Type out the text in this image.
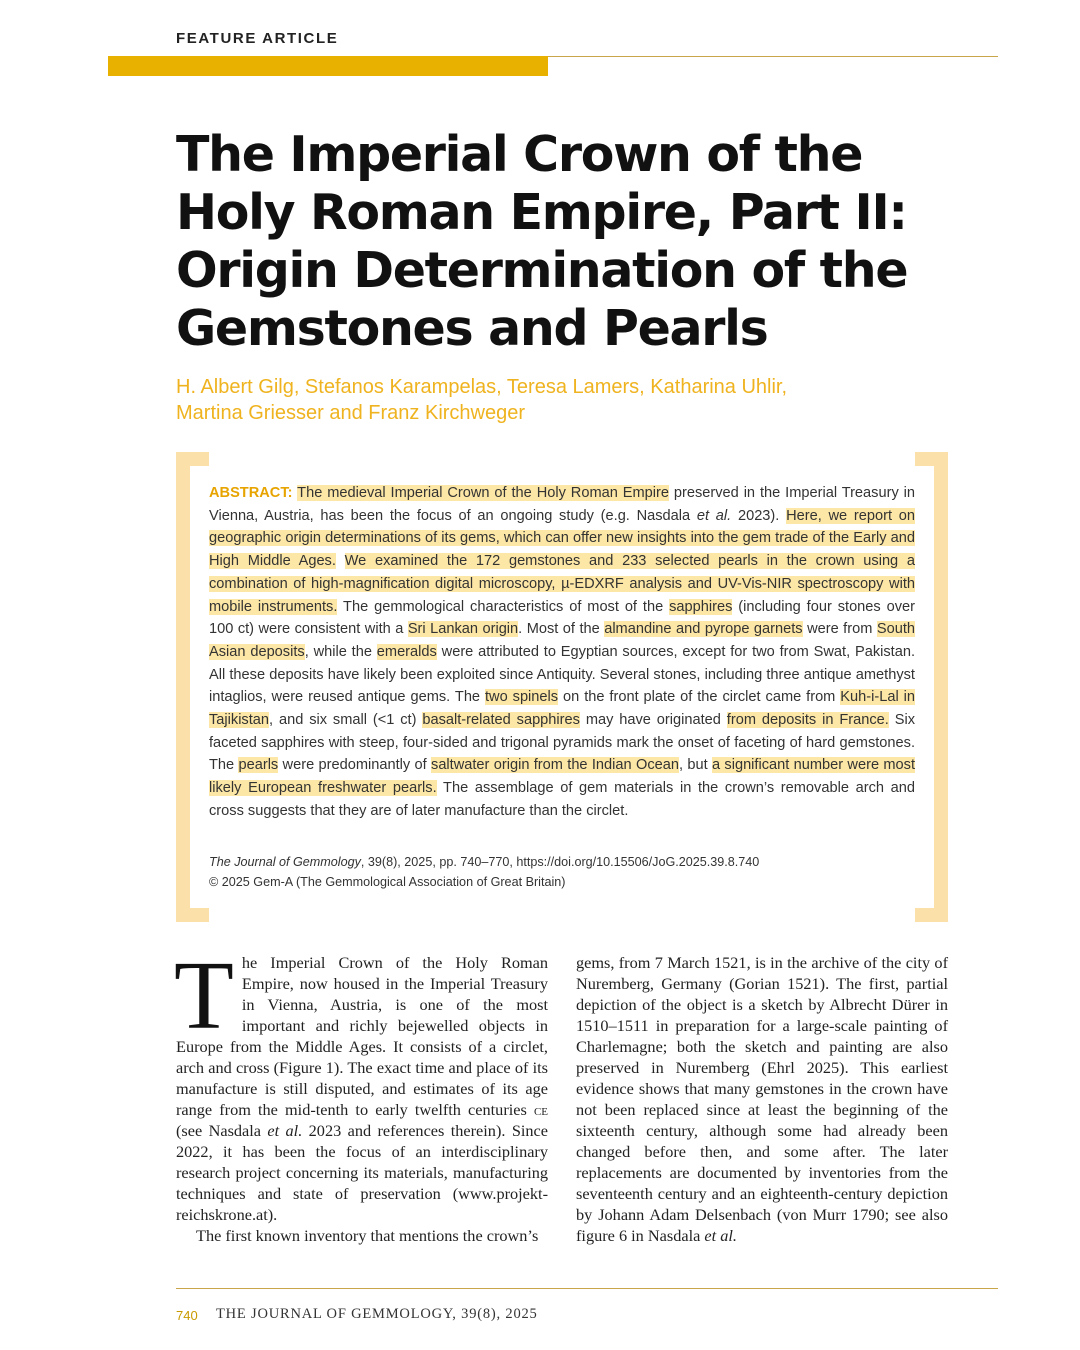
FEATURE ARTICLE
The Imperial Crown of the Holy Roman Empire, Part II: Origin Determination of the Gemstones and Pearls
H. Albert Gilg, Stefanos Karampelas, Teresa Lamers, Katharina Uhlir,
Martina Griesser and Franz Kirchweger

ABSTRACT: The medieval Imperial Crown of the Holy Roman Empire preserved in the Imperial Treasury in Vienna, Austria, has been the focus of an ongoing study (e.g. Nasdala et al. 2023). Here, we report on geographic origin determinations of its gems, which can offer new insights into the gem trade of the Early and High Middle Ages. We examined the 172 gemstones and 233 selected pearls in the crown using a combination of high-magnification digital microscopy, µ-EDXRF analysis and UV-Vis-NIR spectroscopy with mobile instruments. The gemmological characteristics of most of the sapphires (including four stones over 100 ct) were consistent with a Sri Lankan origin. Most of the almandine and pyrope garnets were from South Asian deposits, while the emeralds were attributed to Egyptian sources, except for two from Swat, Pakistan. All these deposits have likely been exploited since Antiquity. Several stones, including three antique amethyst intaglios, were reused antique gems. The two spinels on the front plate of the circlet came from Kuh-i-Lal in Tajikistan, and six small (<1 ct) basalt-related sapphires may have originated from deposits in France. Six faceted sapphires with steep, four-sided and trigonal pyramids mark the onset of faceting of hard gemstones. The pearls were predominantly of saltwater origin from the Indian Ocean, but a significant number were most likely European freshwater pearls. The assemblage of gem materials in the crown’s removable arch and cross suggests that they are of later manufacture than the circlet.

The Journal of Gemmology, 39(8), 2025, pp. 740–770, https://doi.org/10.15506/JoG.2025.39.8.740
© 2025 Gem-A (The Gemmological Association of Great Britain)

The Imperial Crown of the Holy Roman Empire, now housed in the Imperial Treasury in Vienna, Austria, is one of the most important and richly bejewelled objects in Europe from the Middle Ages. It consists of a circlet, arch and cross (Figure 1). The exact time and place of its manufacture is still disputed, and estimates of its age range from the mid-tenth to early twelfth centuries ce (see Nasdala et al. 2023 and references therein). Since 2022, it has been the focus of an interdisciplinary research project concerning its materials, manufacturing techniques and state of preservation (www.projekt-reichskrone.at).
The first known inventory that mentions the crown’s

gems, from 7 March 1521, is in the archive of the city of Nuremberg, Germany (Gorian 1521). The first, partial depiction of the object is a sketch by Albrecht Dürer in 1510–1511 in preparation for a large-scale painting of Charlemagne; both the sketch and painting are also preserved in Nuremberg (Ehrl 2025). This earliest evidence shows that many gemstones in the crown have not been replaced since at least the beginning of the sixteenth century, although some had already been changed before then, and some after. The later replacements are documented by inventories from the seventeenth century and an eighteenth-century depiction by Johann Adam Delsenbach (von Murr 1790; see also figure 6 in Nasdala et al.

740 THE JOURNAL OF GEMMOLOGY, 39(8), 2025
